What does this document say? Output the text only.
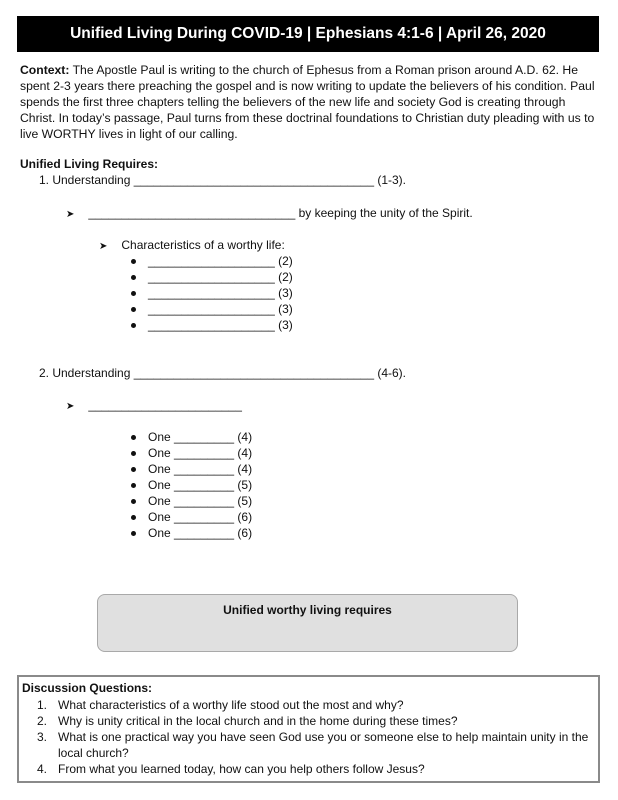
Unified Living During COVID-19 | Ephesians 4:1-6 | April 26, 2020
Context: The Apostle Paul is writing to the church of Ephesus from a Roman prison around A.D. 62. He spent 2-3 years there preaching the gospel and is now writing to update the believers of his condition. Paul spends the first three chapters telling the believers of the new life and society God is creating through Christ. In today’s passage, Paul turns from these doctrinal foundations to Christian duty pleading with us to live WORTHY lives in light of our calling.
Unified Living Requires:
1. Understanding ____________________________________ (1-3).
➤ _______________________________ by keeping the unity of the Spirit.
➤ Characteristics of a worthy life:
___________________ (2)
___________________ (2)
___________________ (3)
___________________ (3)
___________________ (3)
2. Understanding ____________________________________ (4-6).
➤ _______________________
One _________ (4)
One _________ (4)
One _________ (4)
One _________ (5)
One _________ (5)
One _________ (6)
One _________ (6)
Unified worthy living requires
Discussion Questions:
1. What characteristics of a worthy life stood out the most and why?
2. Why is unity critical in the local church and in the home during these times?
3. What is one practical way you have seen God use you or someone else to help maintain unity in the local church?
4. From what you learned today, how can you help others follow Jesus?
